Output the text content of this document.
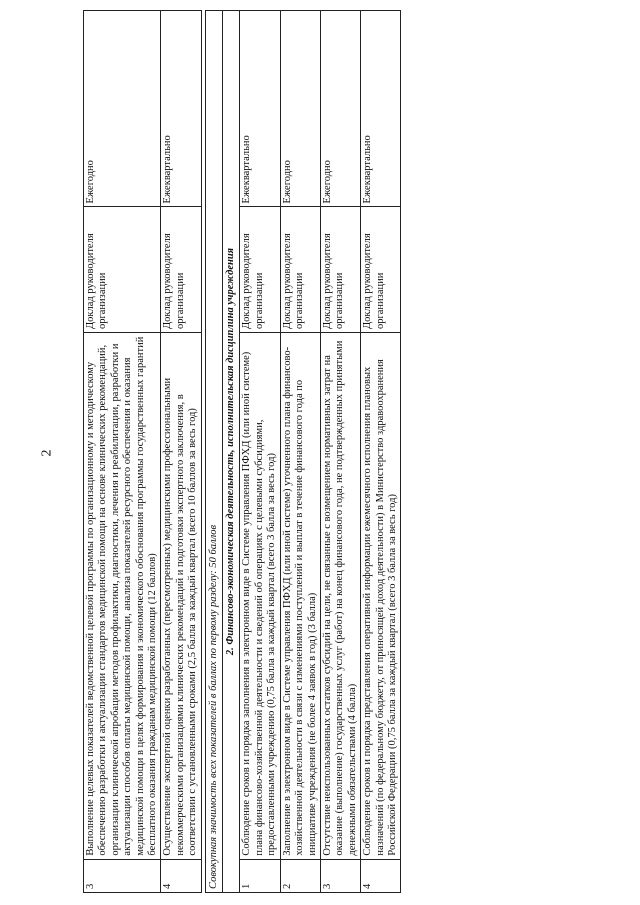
2
3	Выполнение целевых показателей ведомственной целевой программы по организационному и методическому обеспечению разработки и актуализации стандартов медицинской помощи на основе клинических рекомендаций, организации клинической апробации методов профилактики, диагностики, лечения и реабилитации, разработки и актуализации способов оплаты медицинской помощи, анализа показателей ресурсного обеспечения и оказания медицинской помощи в целях формирования и экономического обоснования программы государственных гарантий бесплатного оказания гражданам медицинской помощи (12 баллов)	Доклад руководителя организации	Ежегодно
4	Осуществление экспертной оценки разработанных (пересмотренных) медицинскими профессиональными некоммерческими организациями клинических рекомендаций и подготовки экспертного заключения, в соответствии с установленными сроками (2,5 балла за каждый квартал (всего 10 баллов за весь год)	Доклад руководителя организации	Ежеквартально

Совокупная значимость всех показателей в баллах по первому разделу: 50 баллов			
2. Финансово-экономическая деятельность, исполнительская дисциплина учреждения			
1	Соблюдение сроков и порядка заполнения в электронном виде в Системе управления ПФХД (или иной системе) плана финансово-хозяйственной деятельности и сведений об операциях с целевыми субсидиями, предоставленными учреждению (0,75 балла за каждый квартал (всего 3 балла за весь год)	Доклад руководителя организации	Ежеквартально
2	Заполнение в электронном виде в Системе управления ПФХД (или иной системе) уточненного плана финансово-хозяйственной деятельности в связи с изменениями поступлений и выплат в течение финансового года по инициативе учреждения (не более 4 заявок в год) (3 балла)	Доклад руководителя организации	Ежегодно
3	Отсутствие неиспользованных остатков субсидий на цели, не связанные с возмещением нормативных затрат на оказание (выполнение) государственных услуг (работ) на конец финансового года, не подтвержденных принятыми денежными обязательствами (4 балла)	Доклад руководителя организации	Ежегодно
4	Соблюдение сроков и порядка представления оперативной информации ежемесячного исполнения плановых назначений (по федеральному бюджету, от приносящей доход деятельности) в Министерство здравоохранения Российской Федерации (0,75 балла за каждый квартал (всего 3 балла за весь год)	Доклад руководителя организации	Ежеквартально
